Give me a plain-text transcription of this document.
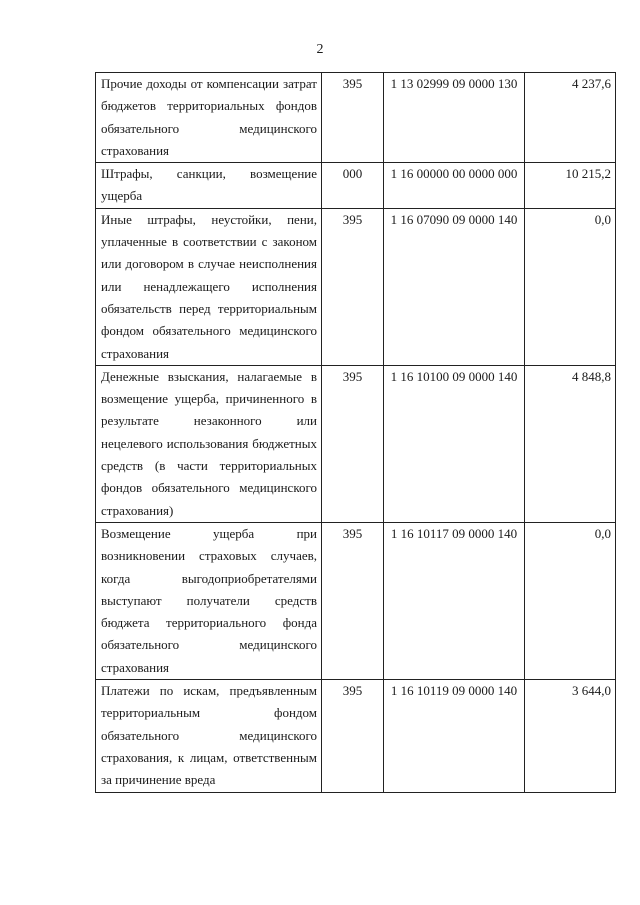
2
Прочие доходы от компенсации затрат бюджетов территориальных фондов обязательного медицинского страхования	395	1 13 02999 09 0000 130	4 237,6
Штрафы, санкции, возмещение ущерба	000	1 16 00000 00 0000 000	10 215,2
Иные штрафы, неустойки, пени, уплаченные в соответствии с законом или договором в случае неисполнения или ненадлежащего исполнения обязательств перед территориальным фондом обязательного медицинского страхования	395	1 16 07090 09 0000 140	0,0
Денежные взыскания, налагаемые в возмещение ущерба, причиненного в результате незаконного или нецелевого использования бюджетных средств (в части территориальных фондов обязательного медицинского страхования)	395	1 16 10100 09 0000 140	4 848,8
Возмещение ущерба при возникновении страховых случаев, когда выгодоприобретателями выступают получатели средств бюджета территориального фонда обязательного медицинского страхования	395	1 16 10117 09 0000 140	0,0
Платежи по искам, предъявленным территориальным фондом обязательного медицинского страхования, к лицам, ответственным за причинение вреда	395	1 16 10119 09 0000 140	3 644,0
